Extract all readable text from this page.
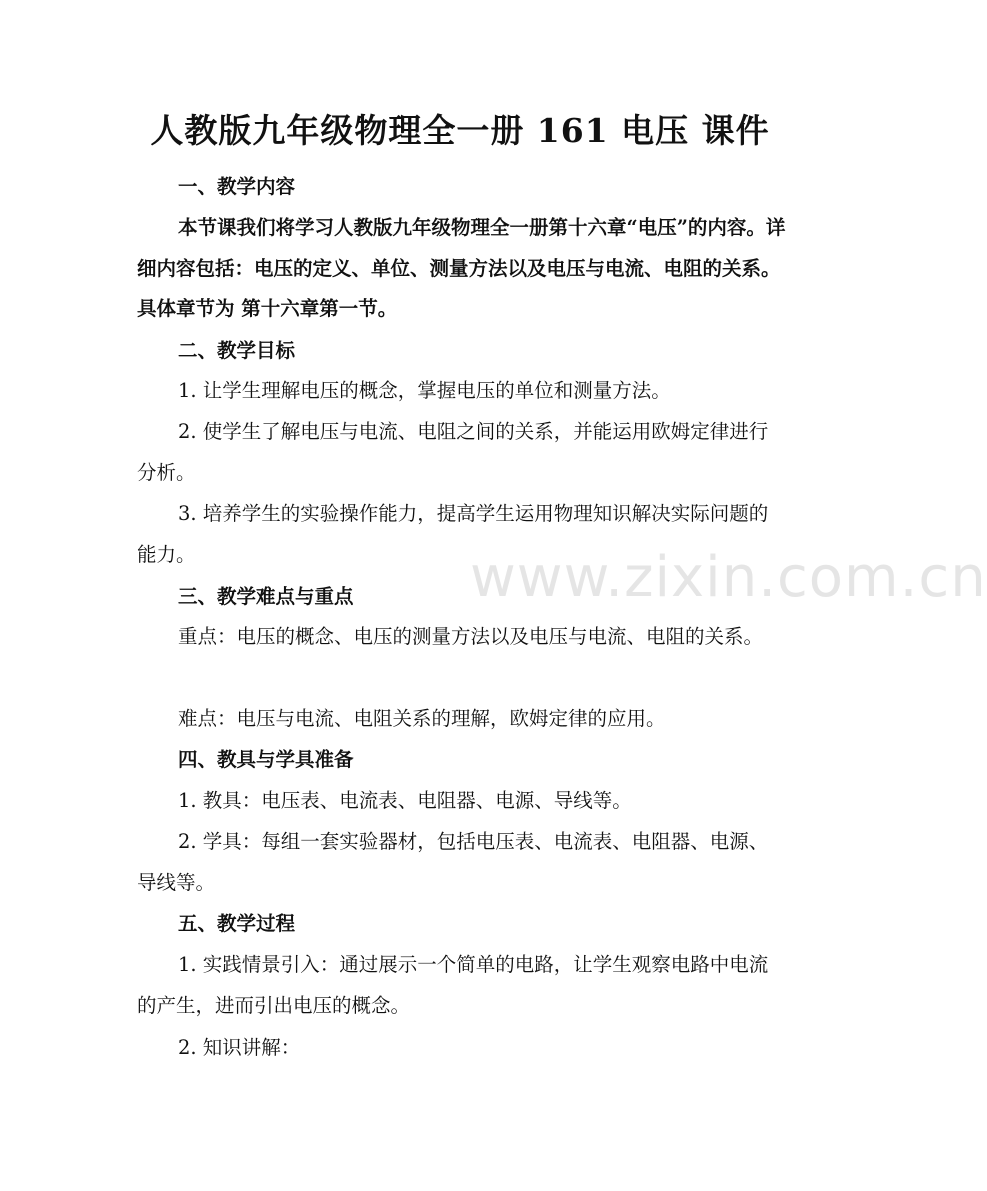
www.zixin.com.cn
人教版九年级物理全一册 161 电压 课件
一、教学内容
本节课我们将学习人教版九年级物理全一册第十六章“电压”的内容。详细内容包括：电压的定义、单位、测量方法以及电压与电流、电阻的关系。具体章节为 第十六章第一节。
二、教学目标
1. 让学生理解电压的概念，掌握电压的单位和测量方法。
2. 使学生了解电压与电流、电阻之间的关系，并能运用欧姆定律进行分析。
3. 培养学生的实验操作能力，提高学生运用物理知识解决实际问题的能力。
三、教学难点与重点
重点：电压的概念、电压的测量方法以及电压与电流、电阻的关系。
难点：电压与电流、电阻关系的理解，欧姆定律的应用。
四、教具与学具准备
1. 教具：电压表、电流表、电阻器、电源、导线等。
2. 学具：每组一套实验器材，包括电压表、电流表、电阻器、电源、导线等。
五、教学过程
1. 实践情景引入：通过展示一个简单的电路，让学生观察电路中电流的产生，进而引出电压的概念。
2. 知识讲解：
